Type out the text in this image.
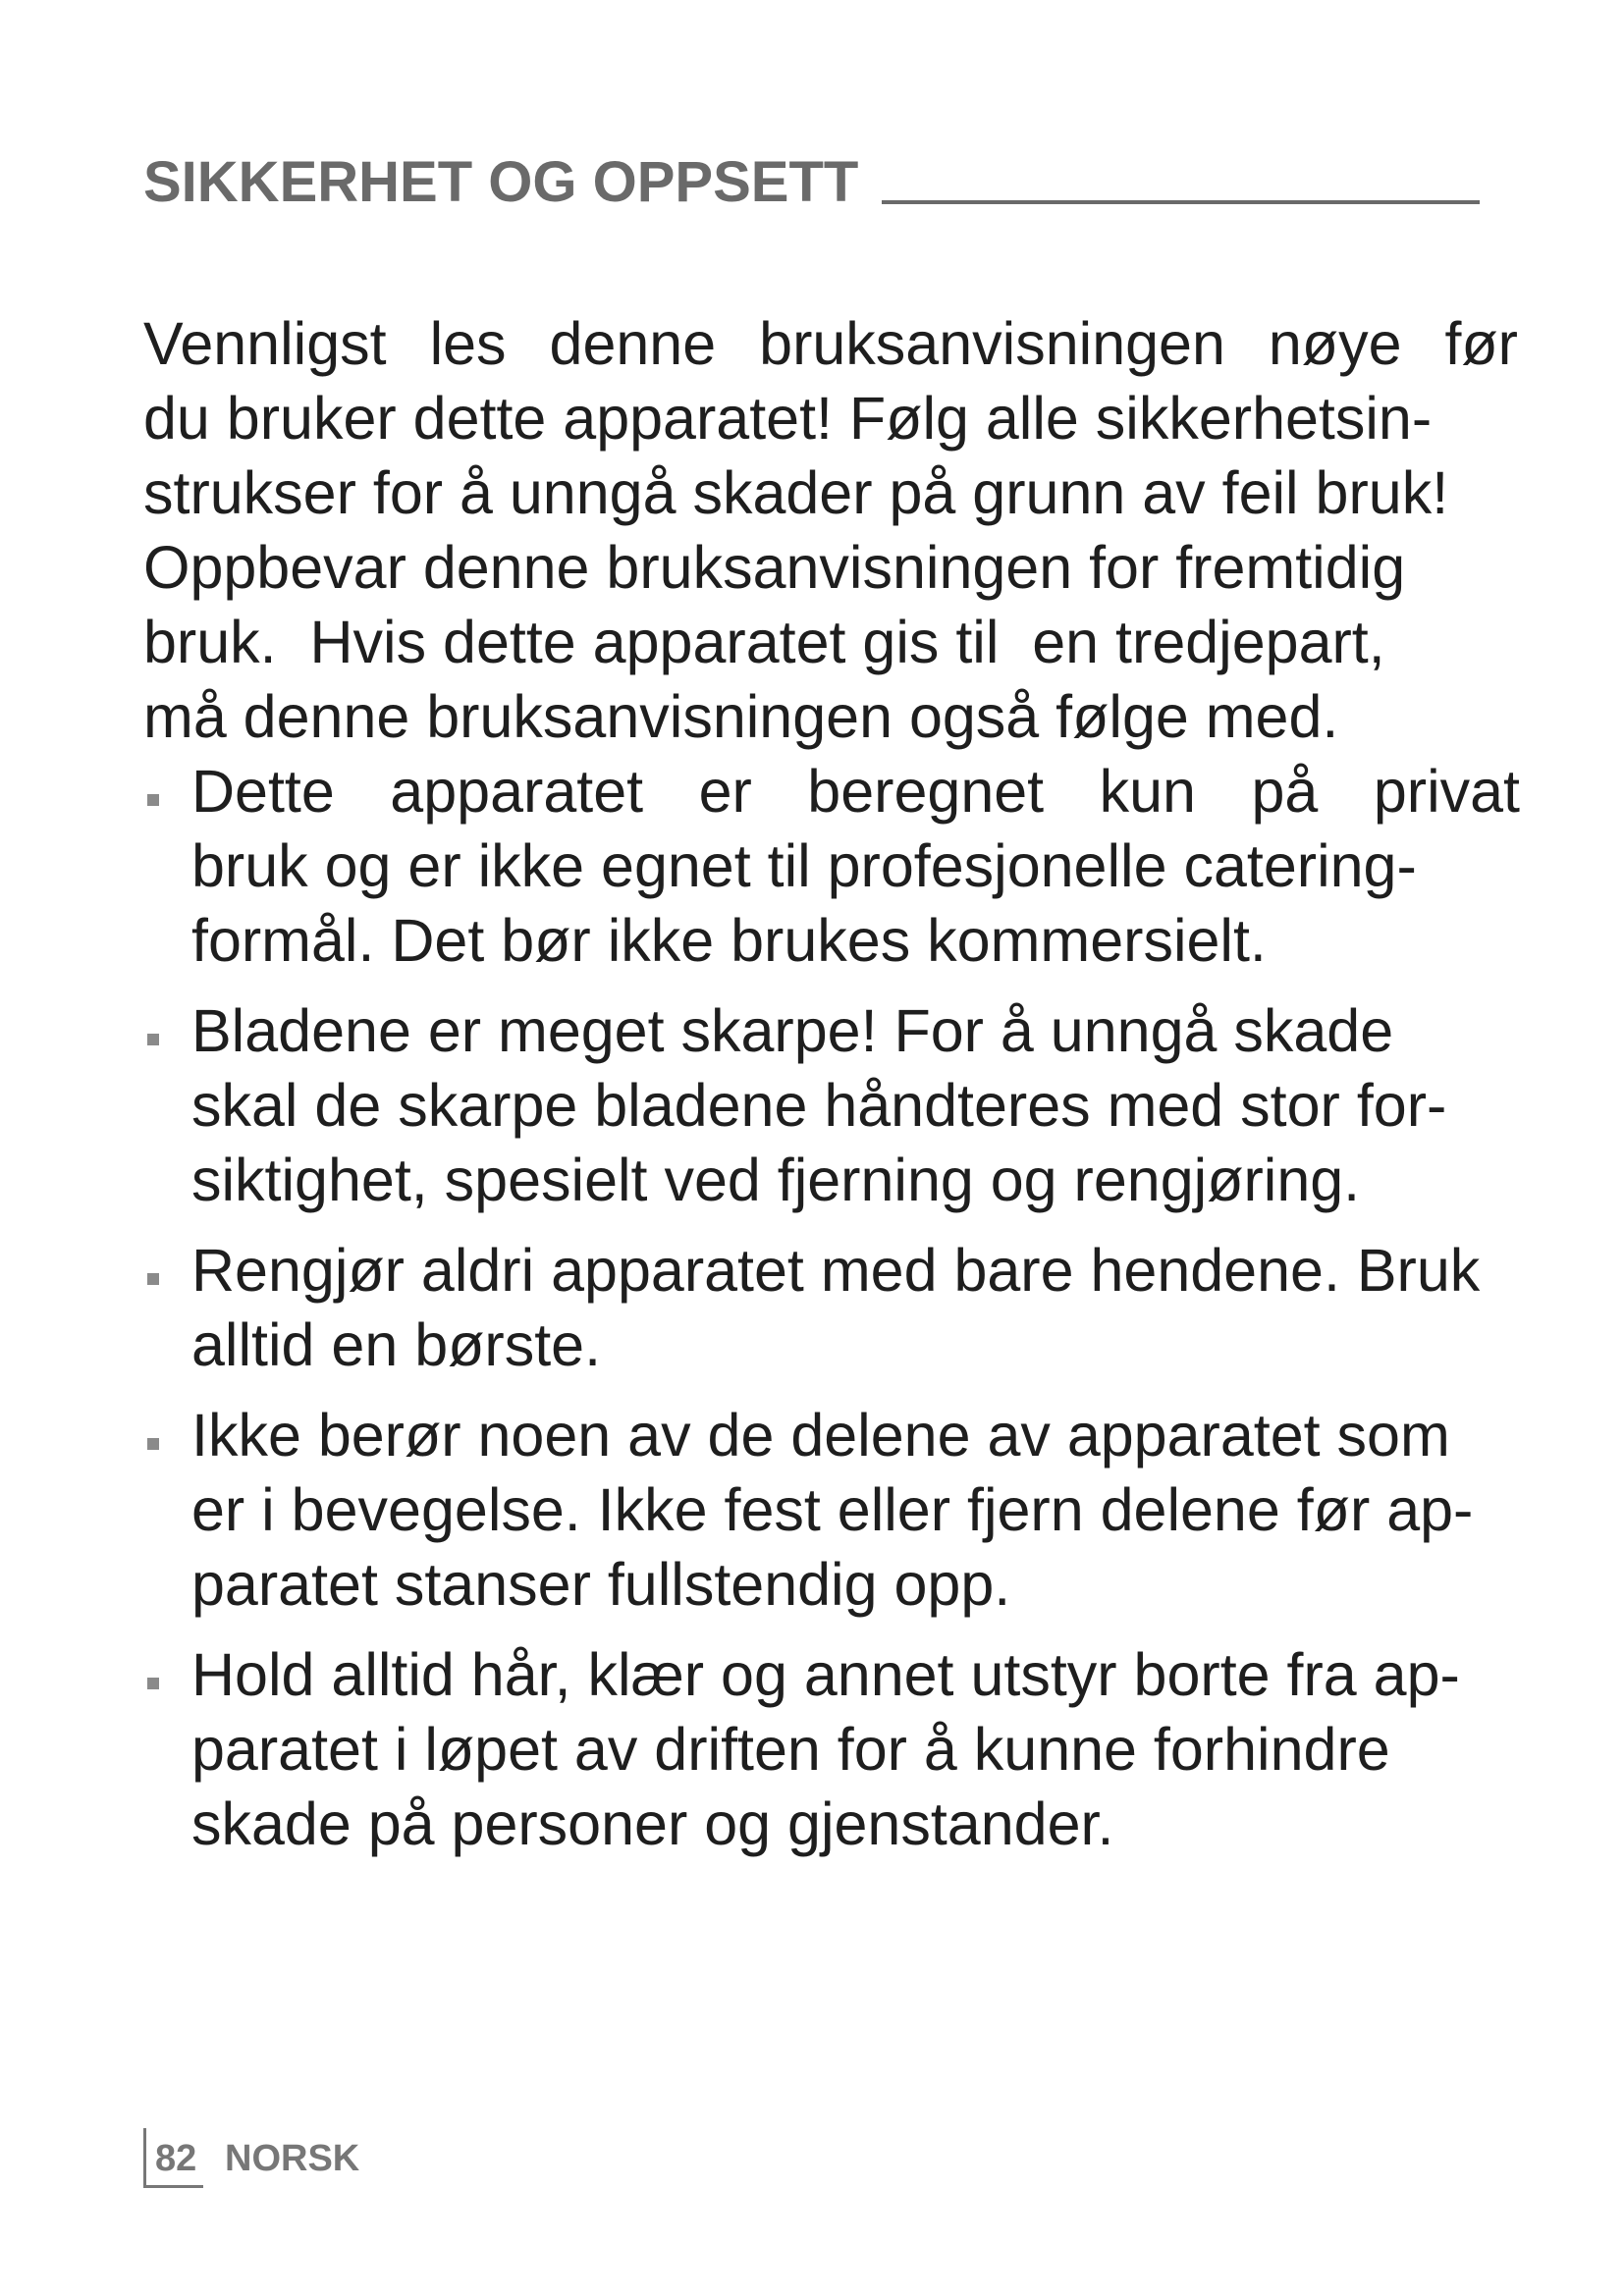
SIKKERHET OG OPPSETT
Vennligst les denne bruksanvisningen nøye før
du bruker dette apparatet! Følg alle sikkerhetsin-
strukser for å unngå skader på grunn av feil bruk!
Oppbevar denne bruksanvisningen for fremtidig
bruk.  Hvis dette apparatet gis til  en tredjepart,
må denne bruksanvisningen også følge med.
Dette apparatet er beregnet kun på privat
bruk og er ikke egnet til profesjonelle catering-
formål. Det bør ikke brukes kommersielt.
Bladene er meget skarpe! For å unngå skade
skal de skarpe bladene håndteres med stor for-
siktighet, spesielt ved fjerning og rengjøring.
Rengjør aldri apparatet med bare hendene. Bruk
alltid en børste.
Ikke berør noen av de delene av apparatet som
er i bevegelse. Ikke fest eller fjern delene før ap-
paratet stanser fullstendig opp.
Hold alltid hår, klær og annet utstyr borte fra ap-
paratet i løpet av driften for å kunne forhindre
skade på personer og gjenstander.
82 NORSK
